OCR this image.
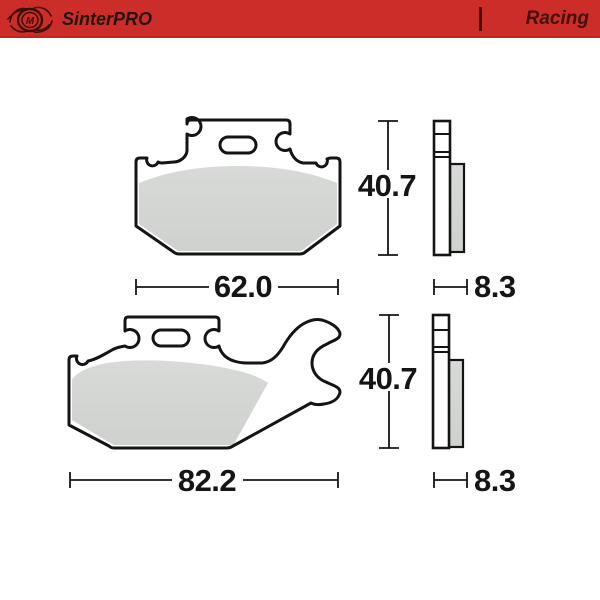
40.7
62.0	8.3
40.7
82.2	8.3
M SinterPRO	Racing
